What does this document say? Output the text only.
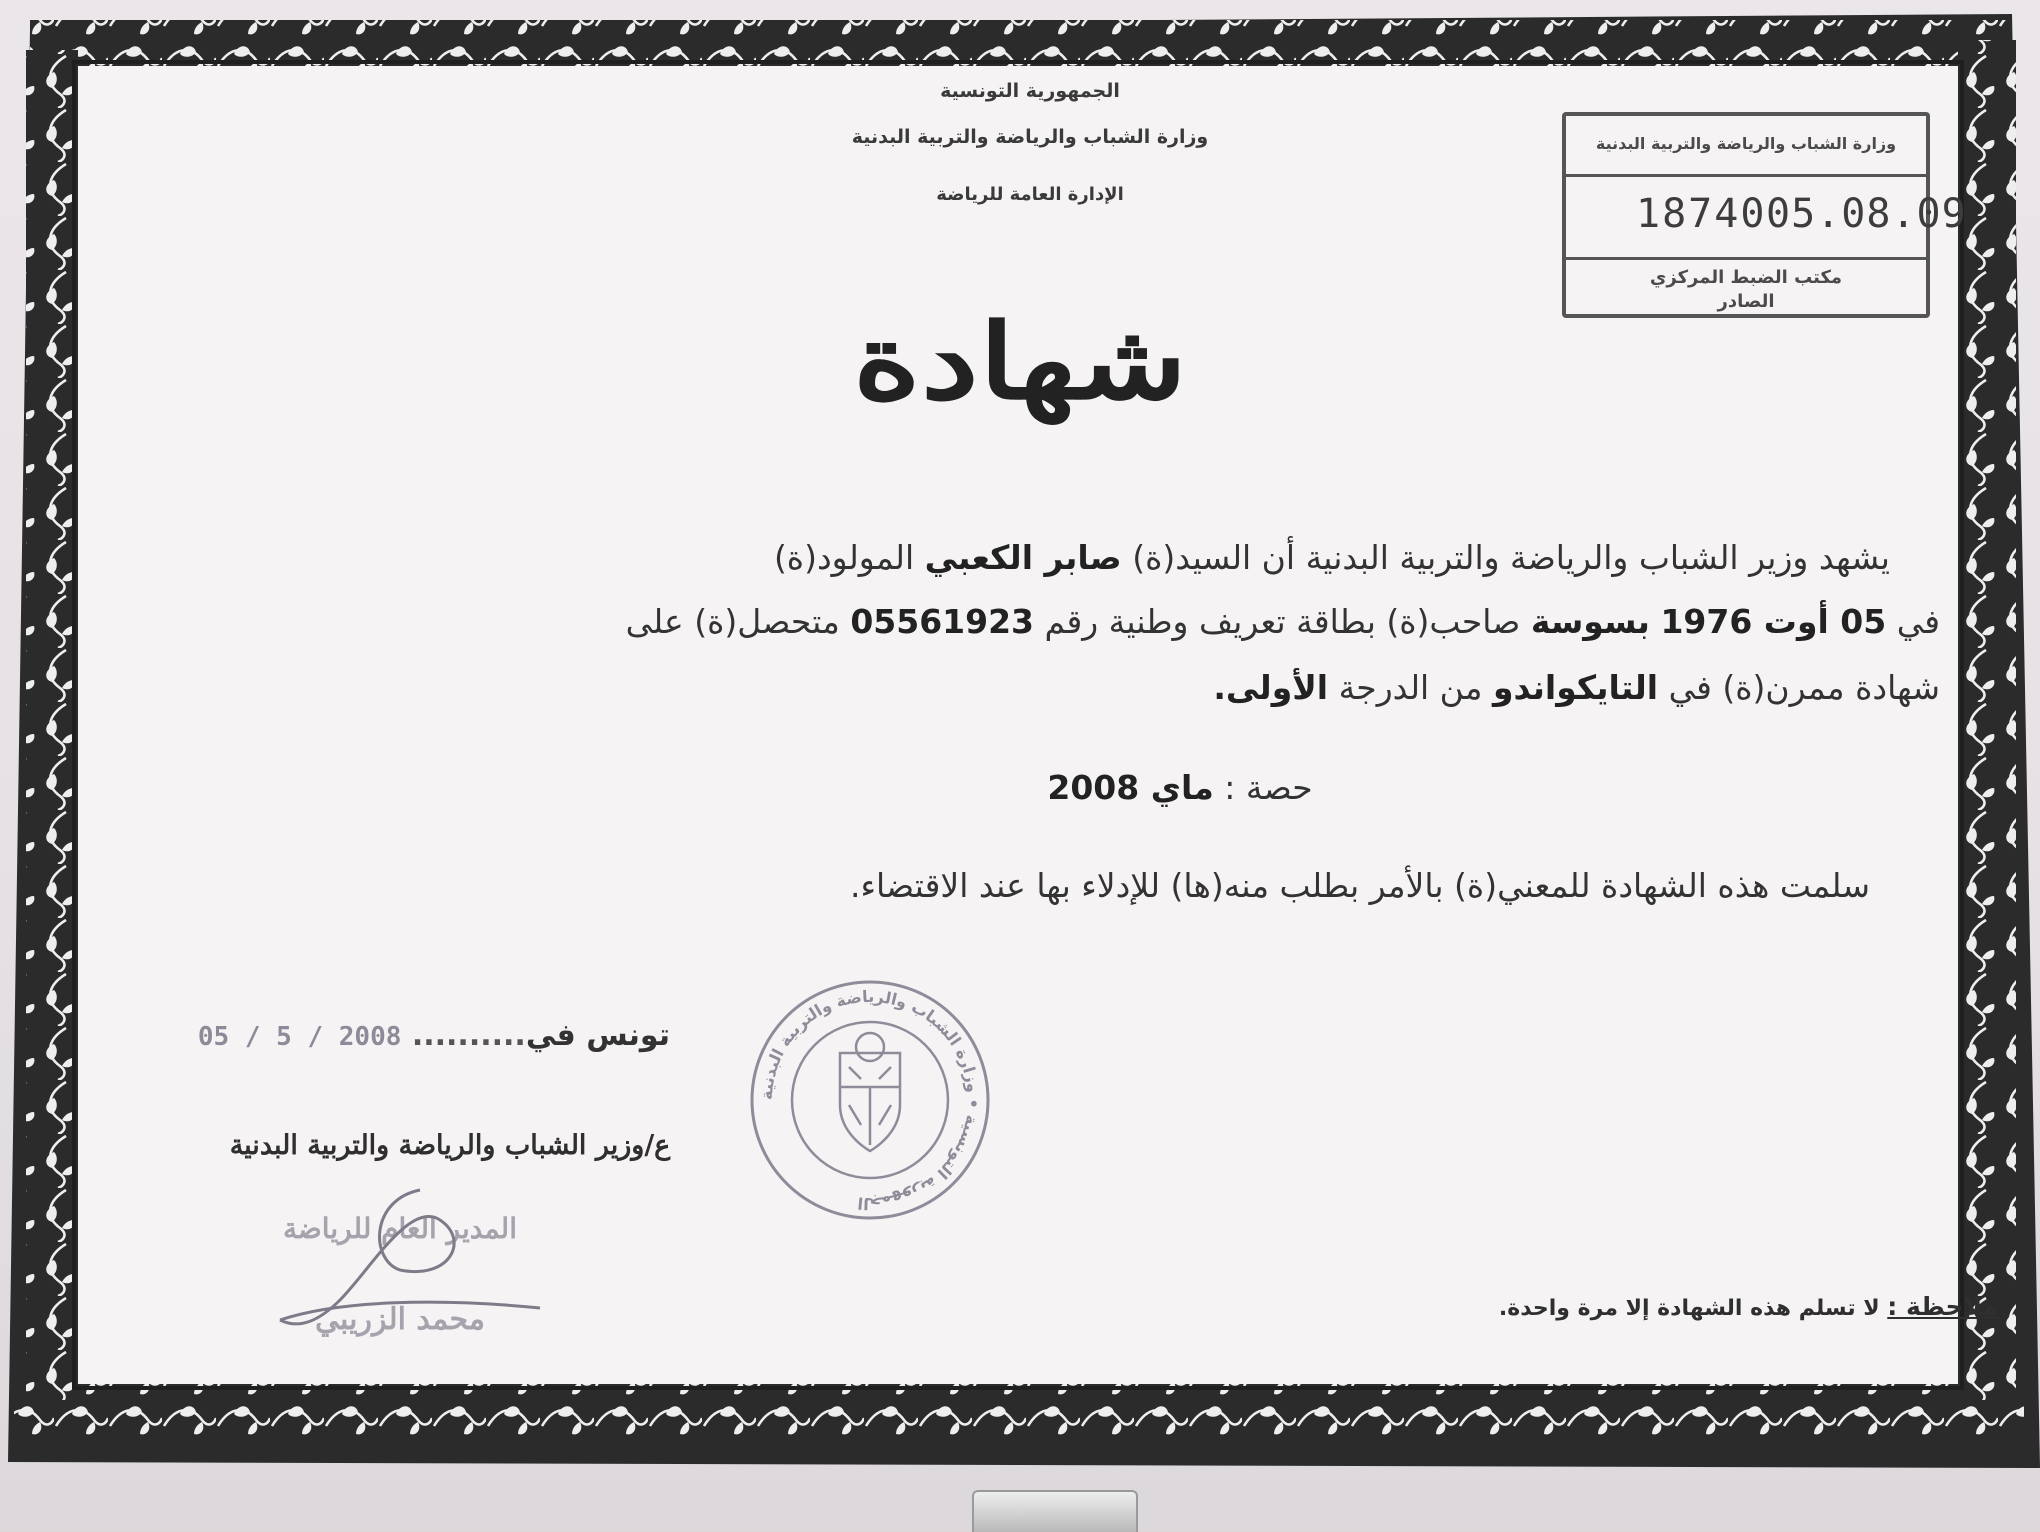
الجمهورية التونسية
وزارة الشباب والرياضة والتربية البدنية
الإدارة العامة للرياضة
وزارة الشباب والرياضة والتربية البدنية
18740 05.08.09
مكتب الضبط المركزي
الصادر
شهادة
يشهد وزير الشباب والرياضة والتربية البدنية أن السيد(ة) صابر الكعبي المولود(ة)
في 05 أوت 1976 بسوسة صاحب(ة) بطاقة تعريف وطنية رقم 05561923 متحصل(ة) على
شهادة ممرن(ة) في التايكواندو من الدرجة الأولى.
حصة : ماي 2008
سلمت هذه الشهادة للمعني(ة) بالأمر بطلب منه(ها) للإدلاء بها عند الاقتضاء.
تونس في.......... 2008 / 5 / 05
الجمهورية التونسية • وزارة الشباب والرياضة والتربية البدنية
ع/وزير الشباب والرياضة والتربية البدنية
المدير العام للرياضة
محمد الزريبي	ملاحظة : لا تسلم هذه الشهادة إلا مرة واحدة.
